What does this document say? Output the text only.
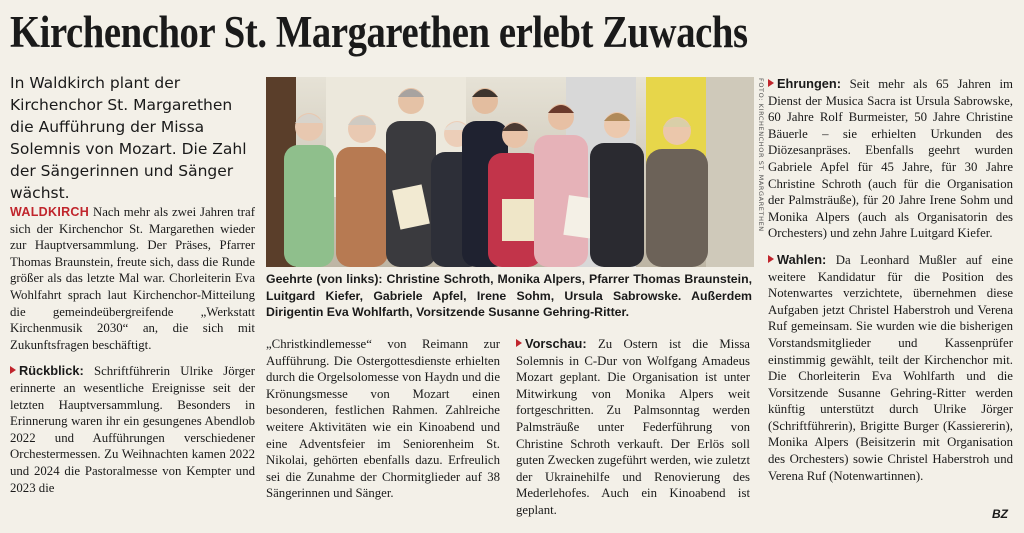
Kirchenchor St. Margarethen erlebt Zuwachs
In Waldkirch plant der Kirchenchor St. Margarethen die Aufführung der Missa Solemnis von Mozart. Die Zahl der Sängerinnen und Sänger wächst.

WALDKIRCH Nach mehr als zwei Jahren traf sich der Kirchenchor St. Margarethen wieder zur Hauptversammlung. Der Präses, Pfarrer Thomas Braunstein, freute sich, dass die Runde größer als das letzte Mal war. Chorleiterin Eva Wohlfahrt sprach laut Kirchenchor-Mitteilung die gemeindeübergreifende „Werkstatt Kirchenmusik 2030“ an, die sich mit Zukunftsfragen beschäftigt.

Rückblick: Schriftführerin Ulrike Jörger erinnerte an wesentliche Ereignisse seit der letzten Hauptversammlung. Besonders in Erinnerung waren ihr ein gesungenes Abendlob 2022 und Aufführungen verschiedener Orchestermessen. Zu Weihnachten kamen 2022 und 2024 die Pastoralmesse von Kempter und 2023 die

FOTO: KIRCHENCHOR ST. MARGARETHEN
Geehrte (von links): Christine Schroth, Monika Alpers, Pfarrer Thomas Braunstein, Luitgard Kiefer, Gabriele Apfel, Irene Sohm, Ursula Sabrowske. Außerdem Dirigentin Eva Wohlfarth, Vorsitzende Susanne Gehring-Ritter.

„Christkindlemesse“ von Reimann zur Aufführung. Die Ostergottesdienste erhielten durch die Orgelsolomesse von Haydn und die Krönungsmesse von Mozart einen besonderen, festlichen Rahmen. Zahlreiche weitere Aktivitäten wie ein Kinoabend und eine Adventsfeier im Seniorenheim St. Nikolai, gehörten ebenfalls dazu. Erfreulich sei die Zunahme der Chormitglieder auf 38 Sängerinnen und Sänger.

Vorschau: Zu Ostern ist die Missa Solemnis in C-Dur von Wolfgang Amadeus Mozart geplant. Die Organisation ist unter Mitwirkung von Monika Alpers weit fortgeschritten. Zu Palmsonntag werden Palmsträuße unter Federführung von Christine Schroth verkauft. Der Erlös soll guten Zwecken zugeführt werden, wie zuletzt der Ukrainehilfe und Renovierung des Mederlehofes. Auch ein Kinoabend ist geplant.

Ehrungen: Seit mehr als 65 Jahren im Dienst der Musica Sacra ist Ursula Sabrowske, 60 Jahre Rolf Burmeister, 50 Jahre Christine Bäuerle – sie erhielten Urkunden des Diözesanpräses. Ebenfalls geehrt wurden Gabriele Apfel für 45 Jahre, für 30 Jahre Christine Schroth (auch für die Organisation der Palmsträuße), für 20 Jahre Irene Sohm und Monika Alpers (auch als Organisatorin des Orchesters) und zehn Jahre Luitgard Kiefer.

Wahlen: Da Leonhard Mußler auf eine weitere Kandidatur für die Position des Notenwartes verzichtete, übernehmen diese Aufgaben jetzt Christel Haberstroh und Verena Ruf gemeinsam. Sie wurden wie die bisherigen Vorstandsmitglieder und Kassenprüfer einstimmig gewählt, teilt der Kirchenchor mit. Die Chorleiterin Eva Wohlfarth und die Vorsitzende Susanne Gehring-Ritter werden künftig unterstützt durch Ulrike Jörger (Schriftführerin), Brigitte Burger (Kassiererin), Monika Alpers (Beisitzerin mit Organisation des Orchesters) sowie Christel Haberstroh und Verena Ruf (Notenwartinnen).

BZ
